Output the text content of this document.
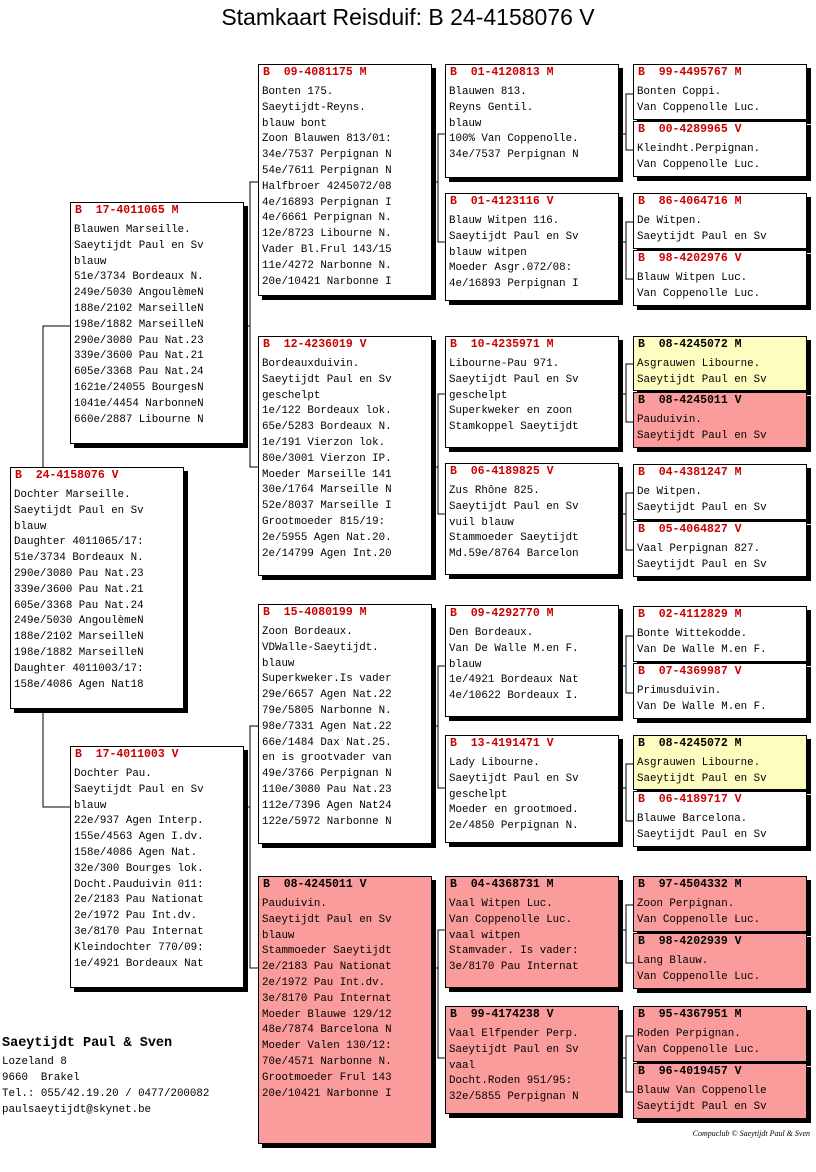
Stamkaart Reisduif: B 24-4158076 V
B  24-4158076 V
Dochter Marseille.
Saeytijdt Paul en Sv
blauw
Daughter 4011065/17:
51e/3734 Bordeaux N.
290e/3080 Pau Nat.23
339e/3600 Pau Nat.21
605e/3368 Pau Nat.24
249e/5030 AngoulèmeN
188e/2102 MarseilleN
198e/1882 MarseilleN
Daughter 4011003/17:
158e/4086 Agen Nat18
B  17-4011065 M
Blauwen Marseille.
Saeytijdt Paul en Sv
blauw
51e/3734 Bordeaux N.
249e/5030 AngoulèmeN
188e/2102 MarseilleN
198e/1882 MarseilleN
290e/3080 Pau Nat.23
339e/3600 Pau Nat.21
605e/3368 Pau Nat.24
1621e/24055 BourgesN
1041e/4454 NarbonneN
660e/2887 Libourne N
B  17-4011003 V
Dochter Pau.
Saeytijdt Paul en Sv
blauw
22e/937 Agen Interp.
155e/4563 Agen I.dv.
158e/4086 Agen Nat.
32e/300 Bourges lok.
Docht.Pauduivin 011:
2e/2183 Pau Nationat
2e/1972 Pau Int.dv.
3e/8170 Pau Internat
Kleindochter 770/09:
1e/4921 Bordeaux Nat
B  09-4081175 M
Bonten 175.
Saeytijdt-Reyns.
blauw bont
Zoon Blauwen 813/01:
34e/7537 Perpignan N
54e/7611 Perpignan N
Halfbroer 4245072/08
4e/16893 Perpignan I
4e/6661 Perpignan N.
12e/8723 Libourne N.
Vader Bl.Frul 143/15
11e/4272 Narbonne N.
20e/10421 Narbonne I
B  12-4236019 V
Bordeauxduivin.
Saeytijdt Paul en Sv
geschelpt
1e/122 Bordeaux lok.
65e/5283 Bordeaux N.
1e/191 Vierzon lok.
80e/3001 Vierzon IP.
Moeder Marseille 141
30e/1764 Marseille N
52e/8037 Marseille I
Grootmoeder 815/19:
2e/5955 Agen Nat.20.
2e/14799 Agen Int.20
B  15-4080199 M
Zoon Bordeaux.
VDWalle-Saeytijdt.
blauw
Superkweker.Is vader
29e/6657 Agen Nat.22
79e/5805 Narbonne N.
98e/7331 Agen Nat.22
66e/1484 Dax Nat.25.
en is grootvader van
49e/3766 Perpignan N
110e/3080 Pau Nat.23
112e/7396 Agen Nat24
122e/5972 Narbonne N
B  08-4245011 V
Pauduivin.
Saeytijdt Paul en Sv
blauw
Stammoeder Saeytijdt
2e/2183 Pau Nationat
2e/1972 Pau Int.dv.
3e/8170 Pau Internat
Moeder Blauwe 129/12
48e/7874 Barcelona N
Moeder Valen 130/12:
70e/4571 Narbonne N.
Grootmoeder Frul 143
20e/10421 Narbonne I
B  01-4120813 M
Blauwen 813.
Reyns Gentil.
blauw
100% Van Coppenolle.
34e/7537 Perpignan N
B  01-4123116 V
Blauw Witpen 116.
Saeytijdt Paul en Sv
blauw witpen
Moeder Asgr.072/08:
4e/16893 Perpignan I
B  10-4235971 M
Libourne-Pau 971.
Saeytijdt Paul en Sv
geschelpt
Superkweker en zoon
Stamkoppel Saeytijdt
B  06-4189825 V
Zus Rhône 825.
Saeytijdt Paul en Sv
vuil blauw
Stammoeder Saeytijdt
Md.59e/8764 Barcelon
B  09-4292770 M
Den Bordeaux.
Van De Walle M.en F.
blauw
1e/4921 Bordeaux Nat
4e/10622 Bordeaux I.
B  13-4191471 V
Lady Libourne.
Saeytijdt Paul en Sv
geschelpt
Moeder en grootmoed.
2e/4850 Perpignan N.
B  04-4368731 M
Vaal Witpen Luc.
Van Coppenolle Luc.
vaal witpen
Stamvader. Is vader:
3e/8170 Pau Internat
B  99-4174238 V
Vaal Elfpender Perp.
Saeytijdt Paul en Sv
vaal
Docht.Roden 951/95:
32e/5855 Perpignan N
B  99-4495767 M
Bonten Coppi.
Van Coppenolle Luc.
B  00-4289965 V
Kleindht.Perpignan.
Van Coppenolle Luc.
B  86-4064716 M
De Witpen.
Saeytijdt Paul en Sv
B  98-4202976 V
Blauw Witpen Luc.
Van Coppenolle Luc.
B  08-4245072 M
Asgrauwen Libourne.
Saeytijdt Paul en Sv
B  08-4245011 V
Pauduivin.
Saeytijdt Paul en Sv
B  04-4381247 M
De Witpen.
Saeytijdt Paul en Sv
B  05-4064827 V
Vaal Perpignan 827.
Saeytijdt Paul en Sv
B  02-4112829 M
Bonte Wittekodde.
Van De Walle M.en F.
B  07-4369987 V
Primusduivin.
Van De Walle M.en F.
B  08-4245072 M
Asgrauwen Libourne.
Saeytijdt Paul en Sv
B  06-4189717 V
Blauwe Barcelona.
Saeytijdt Paul en Sv
B  97-4504332 M
Zoon Perpignan.
Van Coppenolle Luc.
B  98-4202939 V
Lang Blauw.
Van Coppenolle Luc.
B  95-4367951 M
Roden Perpignan.
Van Coppenolle Luc.
B  96-4019457 V
Blauw Van Coppenolle
Saeytijdt Paul en Sv
Saeytijdt Paul & Sven
Lozeland 8
9660  Brakel
Tel.: 055/42.19.20 / 0477/200082
paulsaeytijdt@skynet.be
Compuclub © Saeytijdt Paul & Sven
